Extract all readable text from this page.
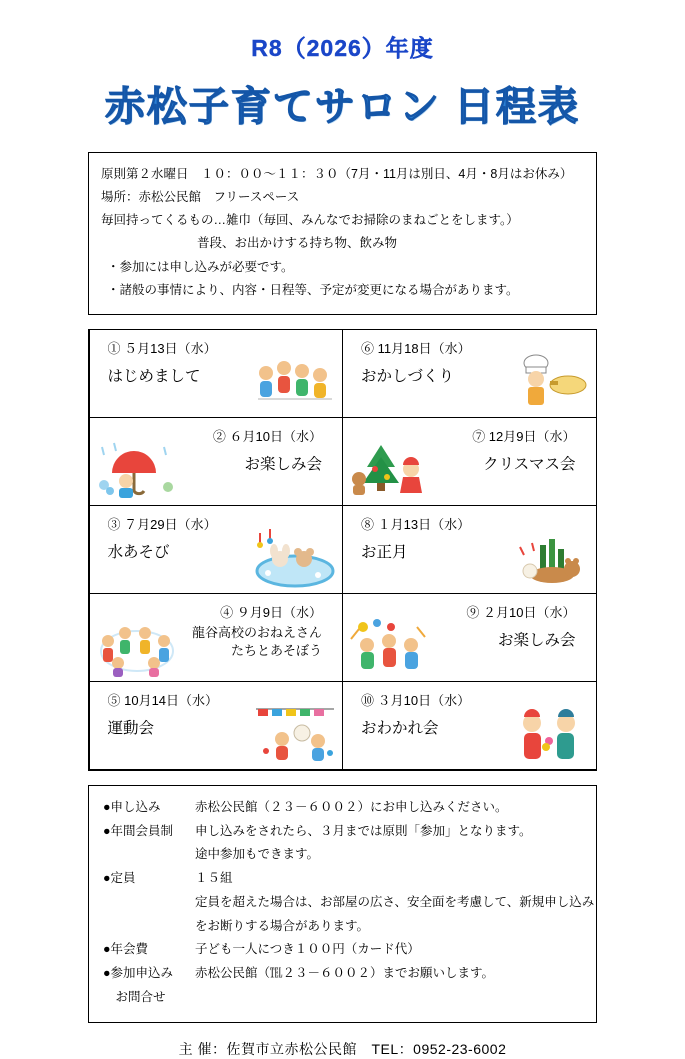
R8（2026）年度
赤松子育てサロン 日程表
原則第２水曜日　１０：００～１１：３０（7月・11月は別日、4月・8月はお休み）
場所：赤松公民館　フリースペース
毎回持ってくるもの…雑巾（毎回、みんなでお掃除のまねごとをします。）
普段、お出かけする持ち物、飲み物
・参加には申し込みが必要です。
・諸般の事情により、内容・日程等、予定が変更になる場合があります。
① ５月13日（水）
はじめまして
⑥ 11月18日（水）
おかしづくり
② ６月10日（水）
お楽しみ会
⑦ 12月9日（水）
クリスマス会
③ ７月29日（水）
水あそび
⑧ １月13日（水）
お正月
④ ９月9日（水）
龍谷高校のおねえさん
たちとあそぼう
⑨ ２月10日（水）
お楽しみ会
⑤ 10月14日（水）
運動会
⑩ ３月10日（水）
おわかれ会
●申し込み	赤松公民館（２３－６００２）にお申し込みください。
●年間会員制	申し込みをされたら、３月までは原則「参加」となります。
途中参加もできます。
●定員	１５組
定員を超えた場合は、お部屋の広さ、安全面を考慮して、新規申し込み
をお断りする場合があります。
●年会費	子ども一人につき１００円（カード代）
●参加申込み	赤松公民館（℡２３－６００２）までお願いします。
　お問合せ
主 催：佐賀市立赤松公民館　TEL：0952-23-6002
